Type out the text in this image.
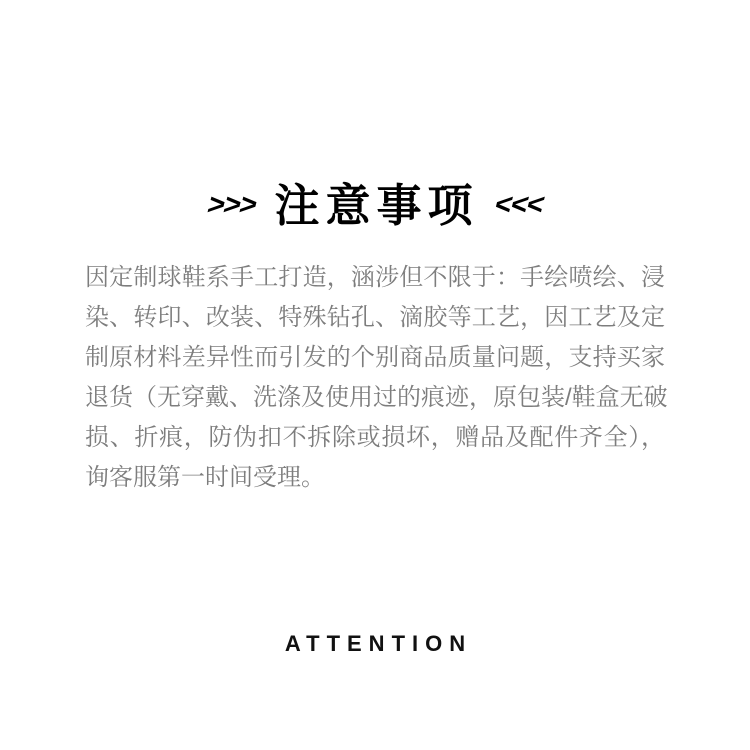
>>> 注意事项 <<<
因定制球鞋系手工打造，涵涉但不限于：手绘喷绘、浸
染、转印、改装、特殊钻孔、滴胶等工艺，因工艺及定
制原材料差异性而引发的个别商品质量问题，支持买家
退货（无穿戴、洗涤及使用过的痕迹，原包装/鞋盒无破
损、折痕，防伪扣不拆除或损坏，赠品及配件齐全），
询客服第一时间受理。
ATTENTION
